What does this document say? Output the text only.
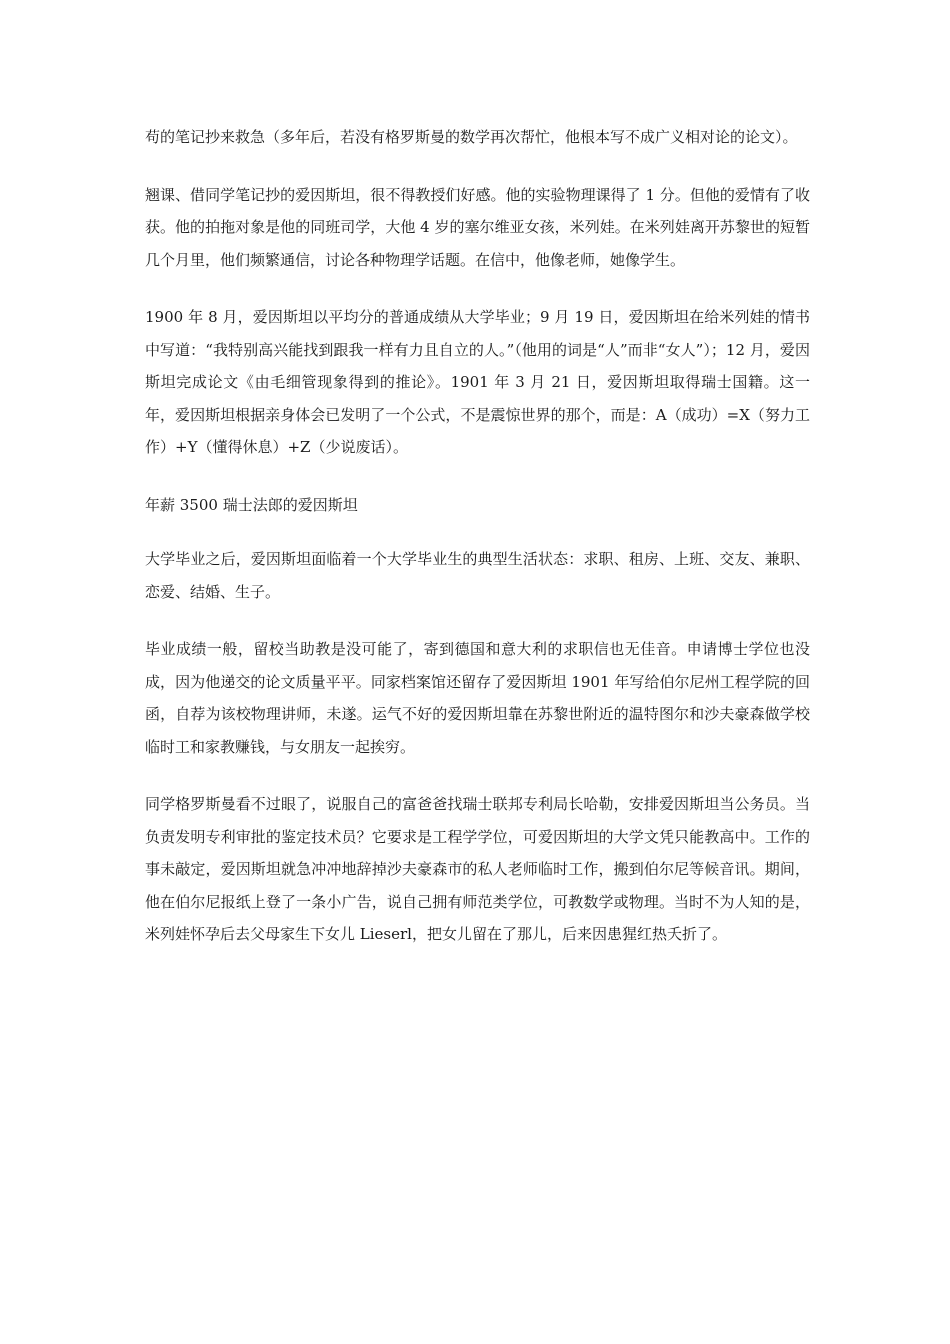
苟的笔记抄来救急（多年后，若没有格罗斯曼的数学再次帮忙，他根本写不成广义相对论的论文）。

翘课、借同学笔记抄的爱因斯坦，很不得教授们好感。他的实验物理课得了 1 分。但他的爱情有了收获。他的拍拖对象是他的同班司学，大他 4 岁的塞尔维亚女孩，米列娃。在米列娃离开苏黎世的短暂几个月里，他们频繁通信，讨论各种物理学话题。在信中，他像老师，她像学生。

1900 年 8 月，爱因斯坦以平均分的普通成绩从大学毕业；9 月 19 日，爱因斯坦在给米列娃的情书中写道：“我特别高兴能找到跟我一样有力且自立的人。”（他用的词是“人”而非“女人”）；12 月，爱因斯坦完成论文《由毛细管现象得到的推论》。1901 年 3 月 21 日，爱因斯坦取得瑞士国籍。这一年，爱因斯坦根据亲身体会已发明了一个公式，不是震惊世界的那个，而是：A（成功）=X（努力工作）+Y（懂得休息）+Z（少说废话）。

年薪 3500 瑞士法郎的爱因斯坦

大学毕业之后，爱因斯坦面临着一个大学毕业生的典型生活状态：求职、租房、上班、交友、兼职、恋爱、结婚、生子。

毕业成绩一般，留校当助教是没可能了，寄到德国和意大利的求职信也无佳音。申请博士学位也没成，因为他递交的论文质量平平。同家档案馆还留存了爱因斯坦 1901 年写给伯尔尼州工程学院的回函，自荐为该校物理讲师，未遂。运气不好的爱因斯坦靠在苏黎世附近的温特图尔和沙夫豪森做学校临时工和家教赚钱，与女朋友一起挨穷。

同学格罗斯曼看不过眼了，说服自己的富爸爸找瑞士联邦专利局长哈勒，安排爱因斯坦当公务员。当负责发明专利审批的鉴定技术员？它要求是工程学学位，可爱因斯坦的大学文凭只能教高中。工作的事未敲定，爱因斯坦就急冲冲地辞掉沙夫豪森市的私人老师临时工作，搬到伯尔尼等候音讯。期间，他在伯尔尼报纸上登了一条小广告，说自己拥有师范类学位，可教数学或物理。当时不为人知的是，米列娃怀孕后去父母家生下女儿 Lieserl，把女儿留在了那儿，后来因患猩红热夭折了。
